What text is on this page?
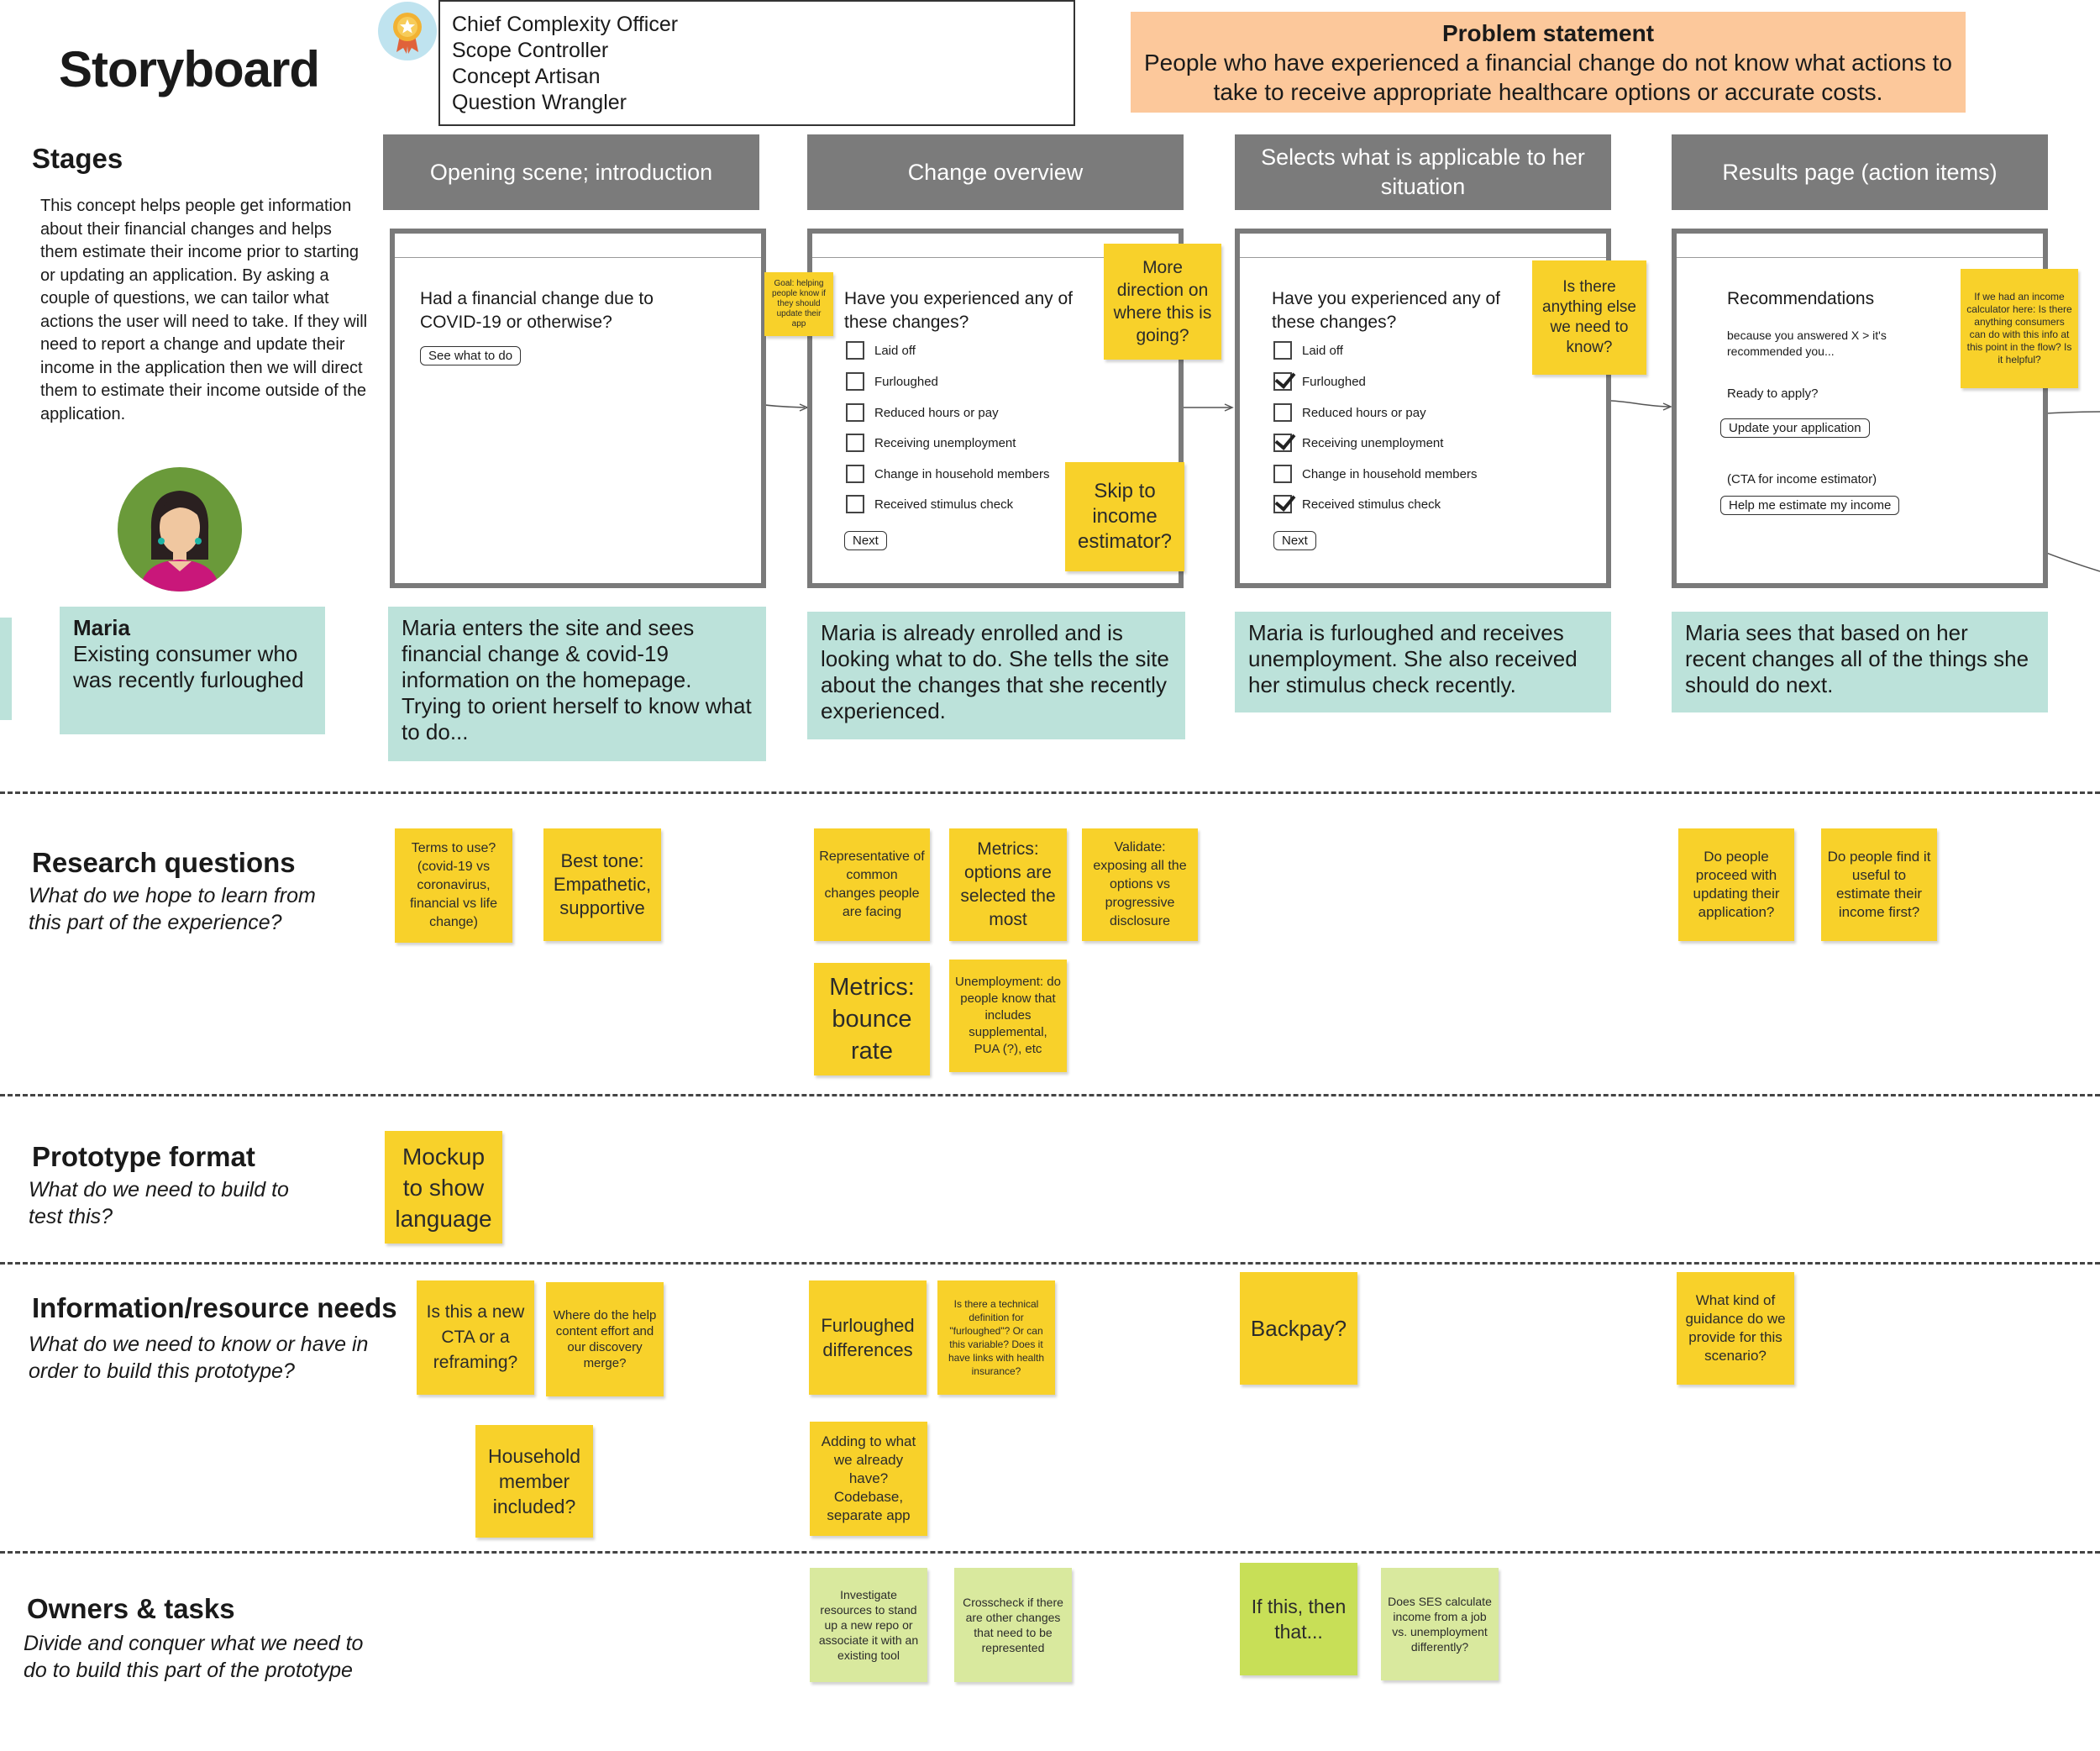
Storyboard
Chief Complexity Officer
Scope Controller
Concept Artisan
Question Wrangler
Problem statement
People who have experienced a financial change do not know what actions to take to receive appropriate healthcare options or accurate costs.
Stages
This concept helps people get information about their financial changes and helps them estimate their income prior to starting or updating an application. By asking a couple of questions, we can tailor what actions the user will need to take. If they will need to report a change and update their income in the application then we will direct them to estimate their income outside of the application.
Maria
Existing consumer who was recently furloughed
Opening scene; introduction	Change overview
Selects what is applicable to her situation
Results page (action items)
Had a financial change due to COVID-19 or otherwise?
See what to do
Have you experienced any of these changes?
Laid off
Furloughed
Reduced hours or pay
Receiving unemployment
Change in household members
Received stimulus check
Next
Have you experienced any of these changes?
Laid off
Furloughed
Reduced hours or pay
Receiving unemployment
Change in household members
Received stimulus check
Next
Recommendations
because you answered X > it's recommended you...
Ready to apply?
Update your application
(CTA for income estimator)
Help me estimate my income
Goal: helping people know if they should update their app
More direction on where this is going?
Skip to income estimator?
Is there anything else we need to know?
If we had an income calculator here: Is there anything consumers can do with this info at this point in the flow? Is it helpful?
Maria enters the site and sees financial change & covid-19 information on the homepage. Trying to orient herself to know what to do...
Maria is already enrolled and is looking what to do. She tells the site about the changes that she recently experienced.
Maria is furloughed and receives unemployment. She also received her stimulus check recently.
Maria sees that based on her recent changes all of the things she should do next.
Research questions
What do we hope to learn from this part of the experience?
Terms to use? (covid-19 vs coronavirus, financial vs life change)
Best tone: Empathetic, supportive
Representative of common changes people are facing
Metrics: options are selected the most
Validate: exposing all the options vs progressive disclosure
Metrics: bounce rate
Unemployment: do people know that includes supplemental, PUA (?), etc
Do people proceed with updating their application?
Do people find it useful to estimate their income first?
Prototype format
What do we need to build to test this?
Mockup to show language
Information/resource needs
What do we need to know or have in order to build this prototype?
Is this a new CTA or a reframing?
Where do the help content effort and our discovery merge?
Household member included?
Furloughed differences
Is there a technical definition for "furloughed"? Or can this variable? Does it have links with health insurance?
Adding to what we already have? Codebase, separate app
Backpay?
What kind of guidance do we provide for this scenario?
Owners & tasks
Divide and conquer what we need to do to build this part of the prototype
Investigate resources to stand up a new repo or associate it with an existing tool
Crosscheck if there are other changes that need to be represented
If this, then that...
Does SES calculate income from a job vs. unemployment differently?
